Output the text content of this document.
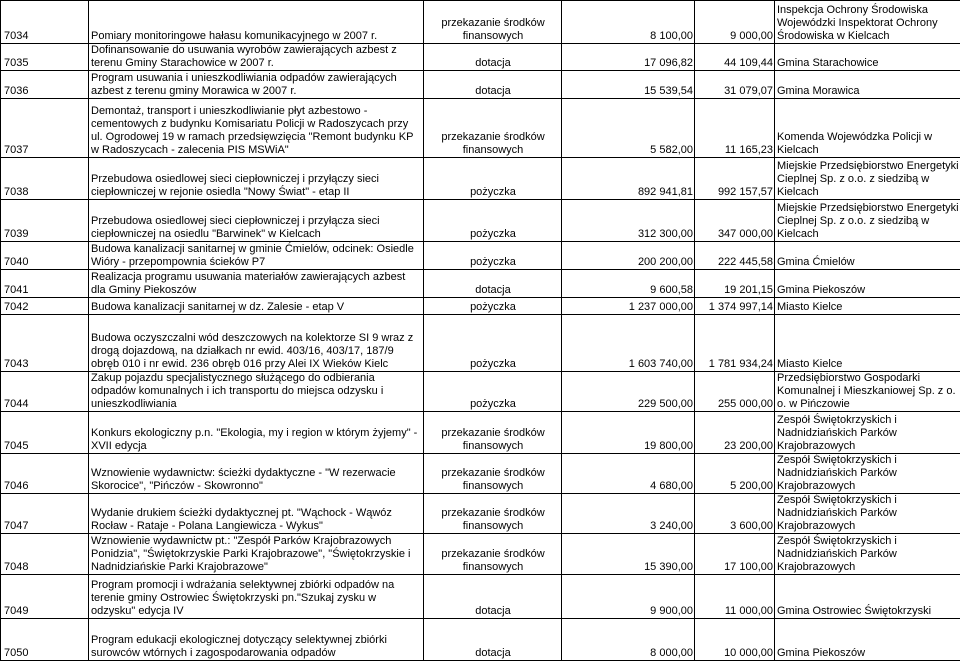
7034	Pomiary monitoringowe hałasu komunikacyjnego w 2007 r.	przekazanie środków finansowych	8 100,00	9 000,00	Inspekcja Ochrony Środowiska Wojewódzki Inspektorat Ochrony Środowiska w Kielcach
7035	Dofinansowanie do usuwania wyrobów zawierających azbest z terenu Gminy Starachowice w 2007 r.	dotacja	17 096,82	44 109,44	Gmina Starachowice
7036	Program usuwania i unieszkodliwiania odpadów zawierających azbest z terenu gminy Morawica w 2007 r.	dotacja	15 539,54	31 079,07	Gmina Morawica
7037	Demontaż, transport i unieszkodliwianie płyt azbestowo - cementowych z budynku Komisariatu Policji w Radoszycach przy ul. Ogrodowej 19 w ramach przedsięwzięcia "Remont budynku KP w Radoszycach - zalecenia PIS MSWiA"	przekazanie środków finansowych	5 582,00	11 165,23	Komenda Wojewódzka Policji w Kielcach
7038	Przebudowa osiedlowej sieci ciepłowniczej i przyłączy sieci ciepłowniczej w rejonie osiedla "Nowy Świat" - etap II	pożyczka	892 941,81	992 157,57	Miejskie Przedsiębiorstwo Energetyki Cieplnej Sp. z o.o. z siedzibą w Kielcach
7039	Przebudowa osiedlowej sieci ciepłowniczej i przyłącza sieci ciepłowniczej na osiedlu "Barwinek" w Kielcach	pożyczka	312 300,00	347 000,00	Miejskie Przedsiębiorstwo Energetyki Cieplnej Sp. z o.o. z siedzibą w Kielcach
7040	Budowa kanalizacji sanitarnej w gminie Ćmielów, odcinek: Osiedle Wióry - przepompownia ścieków P7	pożyczka	200 200,00	222 445,58	Gmina Ćmielów
7041	Realizacja programu usuwania materiałów zawierających azbest dla Gminy Piekoszów	dotacja	9 600,58	19 201,15	Gmina Piekoszów
7042	Budowa kanalizacji sanitarnej w dz. Zalesie - etap V	pożyczka	1 237 000,00	1 374 997,14	Miasto Kielce
7043	Budowa oczyszczalni wód deszczowych na kolektorze SI 9 wraz z drogą dojazdową, na działkach nr ewid. 403/16, 403/17, 187/9 obręb 010 i nr ewid. 236 obręb 016 przy Alei IX Wieków Kielc	pożyczka	1 603 740,00	1 781 934,24	Miasto Kielce
7044	Zakup pojazdu specjalistycznego służącego do odbierania odpadów komunalnych i ich transportu do miejsca odzysku i unieszkodliwiania	pożyczka	229 500,00	255 000,00	Przedsiębiorstwo Gospodarki Komunalnej i Mieszkaniowej Sp. z o. o. w Pińczowie
7045	Konkurs ekologiczny p.n. "Ekologia, my i region w którym żyjemy" - XVII edycja	przekazanie środków finansowych	19 800,00	23 200,00	Zespół Świętokrzyskich i Nadnidziańskich Parków Krajobrazowych
7046	Wznowienie wydawnictw: ścieżki dydaktyczne - "W rezerwacie Skorocice", "Pińczów - Skowronno"	przekazanie środków finansowych	4 680,00	5 200,00	Zespół Świętokrzyskich i Nadnidziańskich Parków Krajobrazowych
7047	Wydanie drukiem ścieżki dydaktycznej pt. "Wąchock - Wąwóz Rocław - Rataje - Polana Langiewicza - Wykus"	przekazanie środków finansowych	3 240,00	3 600,00	Zespół Świętokrzyskich i Nadnidziańskich Parków Krajobrazowych
7048	Wznowienie wydawnictw pt.: "Zespół Parków Krajobrazowych Ponidzia", "Świętokrzyskie Parki Krajobrazowe", "Świętokrzyskie i Nadnidziańskie Parki Krajobrazowe"	przekazanie środków finansowych	15 390,00	17 100,00	Zespół Świętokrzyskich i Nadnidziańskich Parków Krajobrazowych
7049	Program promocji i wdrażania selektywnej zbiórki odpadów na terenie gminy Ostrowiec Świętokrzyski pn."Szukaj zysku w odzysku" edycja IV	dotacja	9 900,00	11 000,00	Gmina Ostrowiec Świętokrzyski
7050	Program edukacji ekologicznej dotyczący selektywnej zbiórki surowców wtórnych i zagospodarowania odpadów	dotacja	8 000,00	10 000,00	Gmina Piekoszów
